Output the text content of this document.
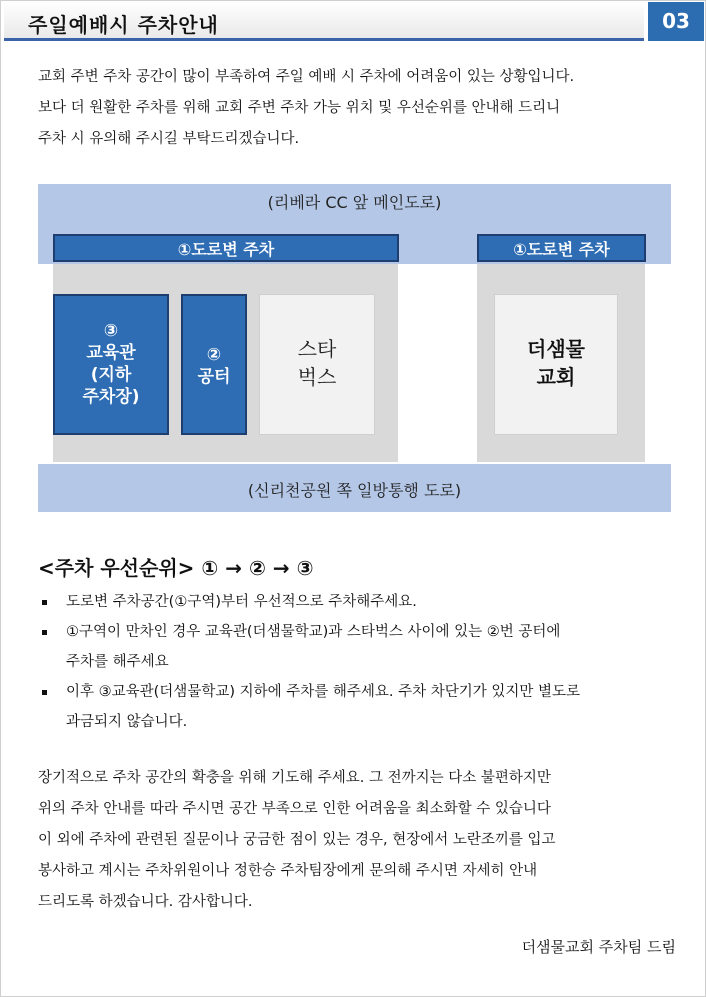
주일예배시 주차안내	03
교회 주변 주차 공간이 많이 부족하여 주일 예배 시 주차에 어려움이 있는 상황입니다.
보다 더 원활한 주차를 위해 교회 주변 주차 가능 위치 및 우선순위를 안내해 드리니
주차 시 유의해 주시길 부탁드리겠습니다.
(리베라 CC 앞 메인도로)
(신리천공원 쪽 일방통행 도로)
①도로변 주차	①도로변 주차
③
교육관
(지하
주차장)
②
공터
스타
벅스
더샘물
교회
<주차 우선순위> ① → ② → ③
도로변 주차공간(①구역)부터 우선적으로 주차해주세요.
①구역이 만차인 경우 교육관(더샘물학교)과 스타벅스 사이에 있는 ②번 공터에
주차를 해주세요
이후 ③교육관(더샘물학교) 지하에 주차를 해주세요. 주차 차단기가 있지만 별도로
과금되지 않습니다.
장기적으로 주차 공간의 확충을 위해 기도해 주세요. 그 전까지는 다소 불편하지만
위의 주차 안내를 따라 주시면 공간 부족으로 인한 어려움을 최소화할 수 있습니다
이 외에 주차에 관련된 질문이나 궁금한 점이 있는 경우, 현장에서 노란조끼를 입고
봉사하고 계시는 주차위원이나 정한승 주차팀장에게 문의해 주시면 자세히 안내
드리도록 하겠습니다. 감사합니다.
더샘물교회 주차팀 드림
